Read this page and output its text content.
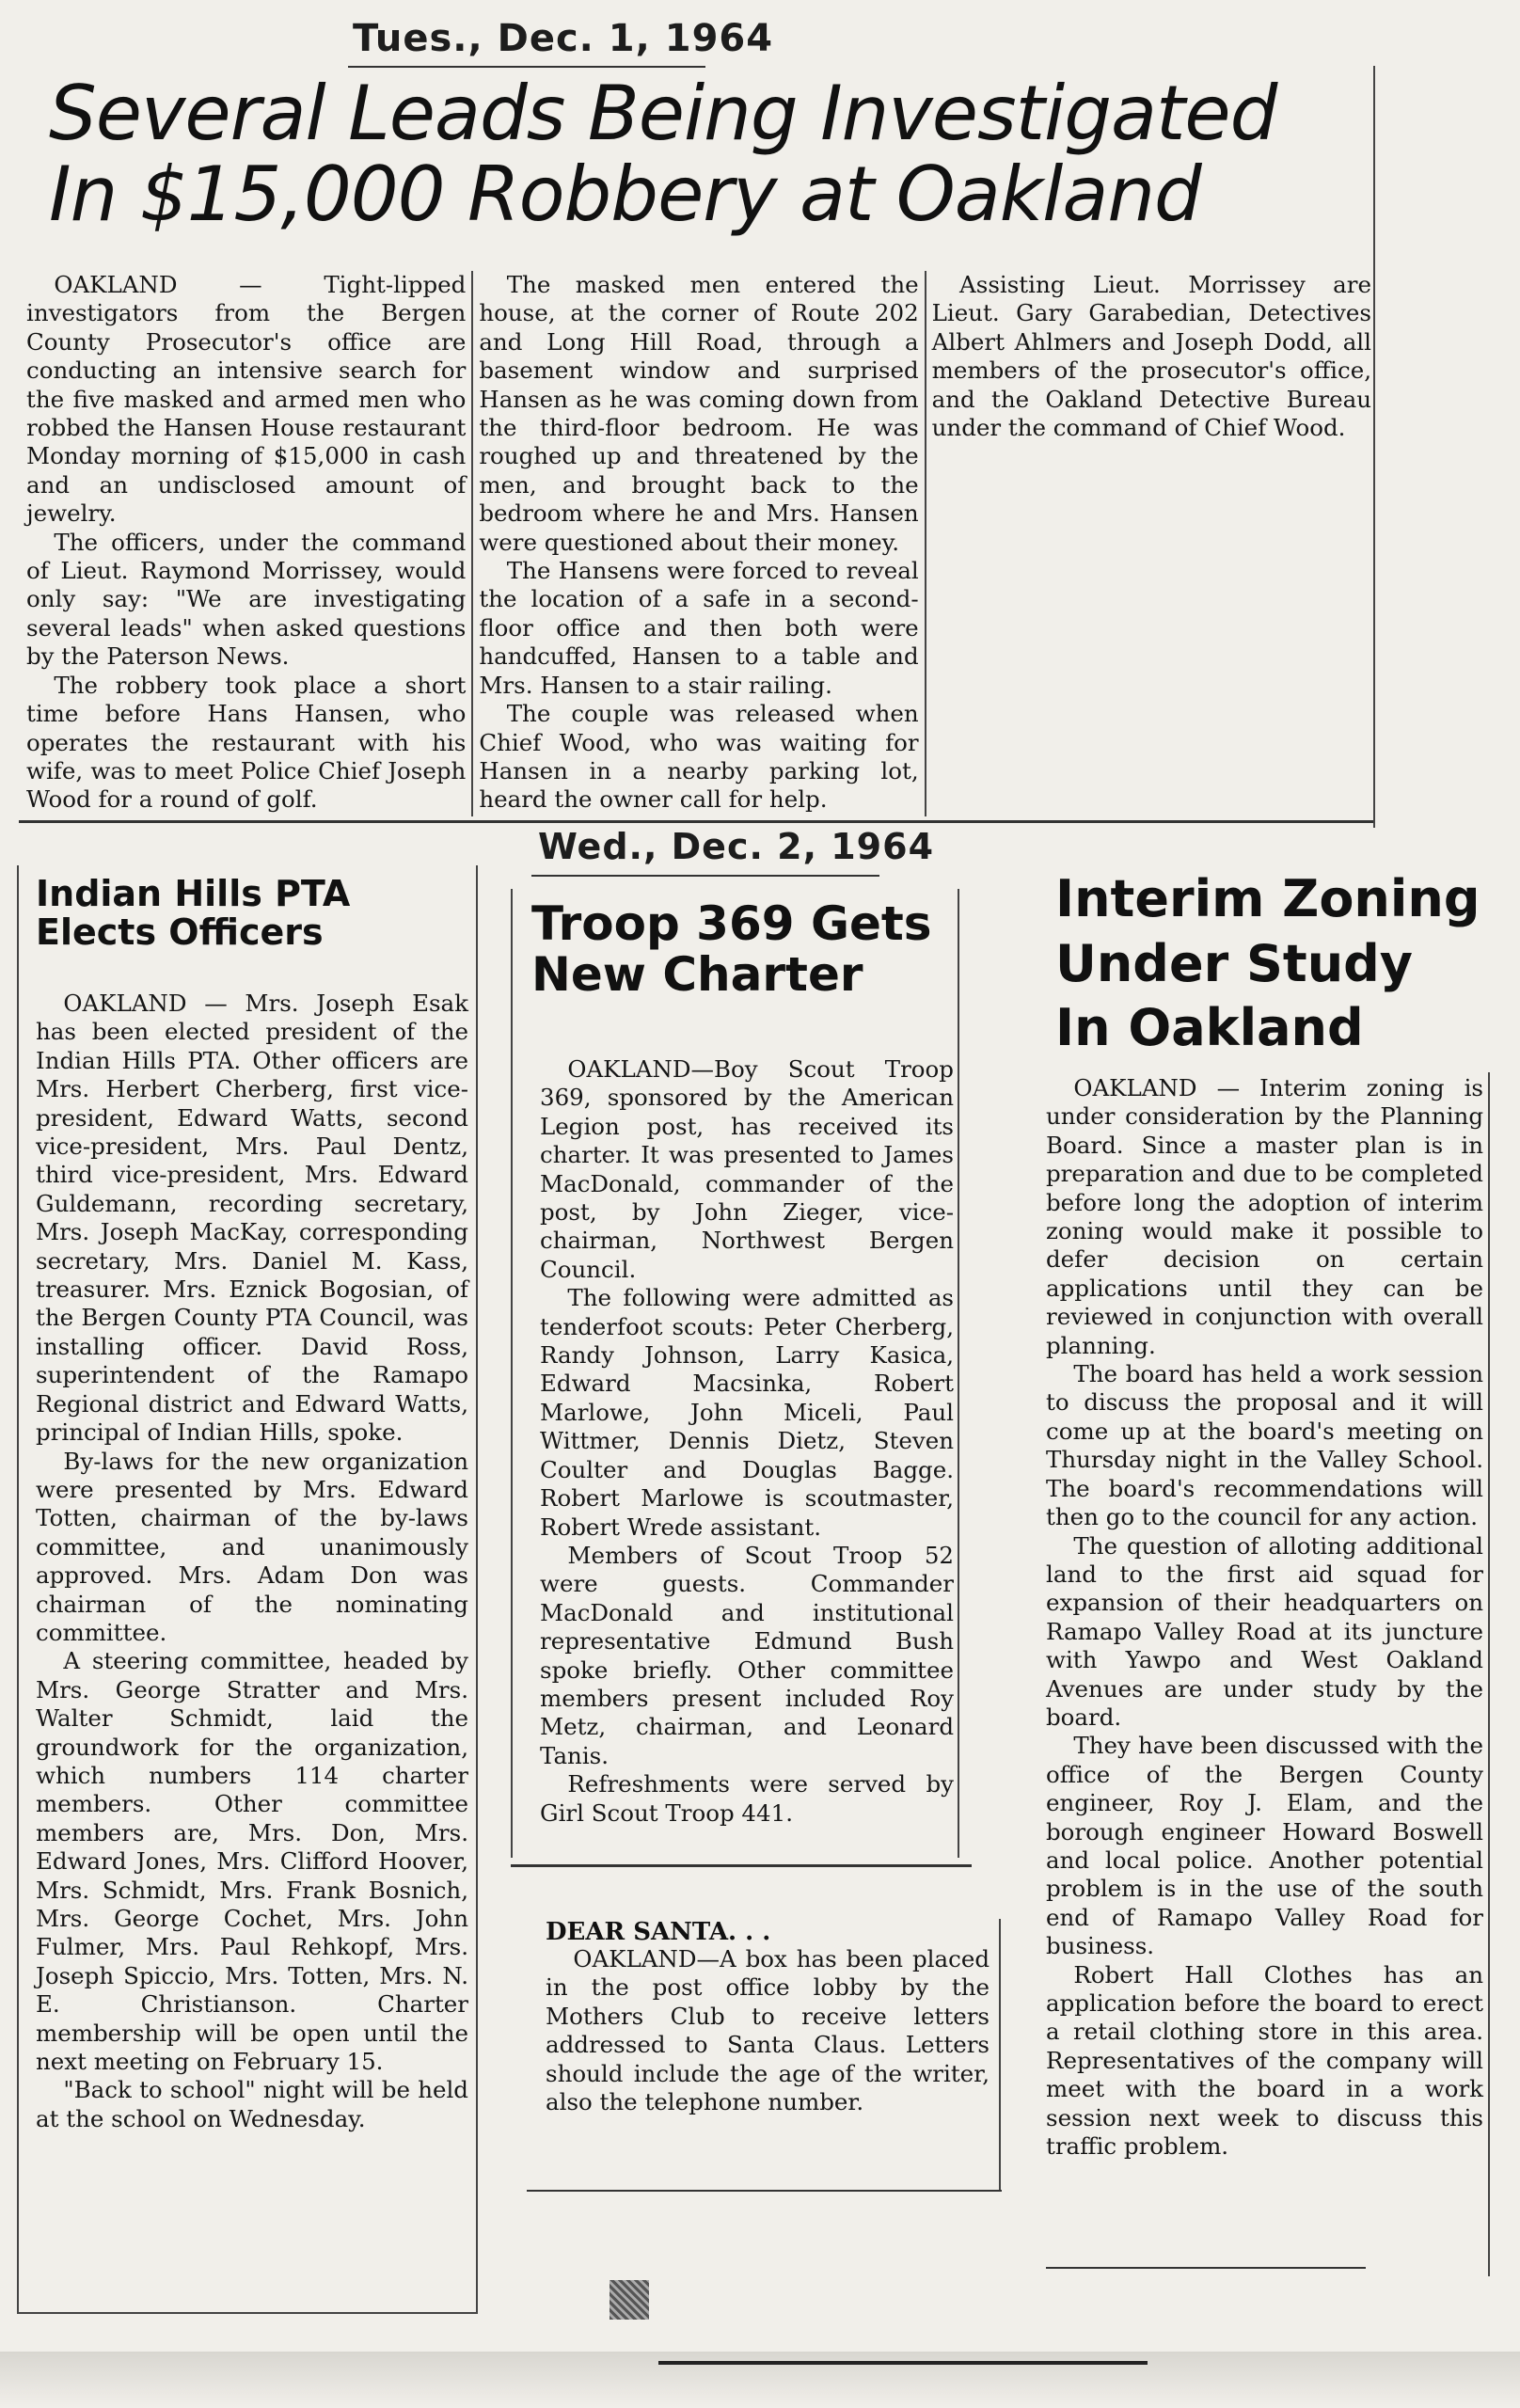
Tues., Dec. 1, 1964
Several Leads Being Investigated
In $15,000 Robbery at Oakland

OAKLAND — Tight-lipped investigators from the Bergen County Prosecutor's office are conducting an intensive search for the five masked and armed men who robbed the Hansen House restaurant Monday morning of $15,000 in cash and an undisclosed amount of jewelry.

The officers, under the command of Lieut. Raymond Morrissey, would only say: "We are investigating several leads" when asked questions by the Paterson News.

The robbery took place a short time before Hans Hansen, who operates the restaurant with his wife, was to meet Police Chief Joseph Wood for a round of golf.

The masked men entered the house, at the corner of Route 202 and Long Hill Road, through a basement window and surprised Hansen as he was coming down from the third-floor bedroom. He was roughed up and threatened by the men, and brought back to the bedroom where he and Mrs. Hansen were questioned about their money.

The Hansens were forced to reveal the location of a safe in a second-floor office and then both were handcuffed, Hansen to a table and Mrs. Hansen to a stair railing.

The couple was released when Chief Wood, who was waiting for Hansen in a nearby parking lot, heard the owner call for help.

Assisting Lieut. Morrissey are Lieut. Gary Garabedian, Detectives Albert Ahlmers and Joseph Dodd, all members of the prosecutor's office, and the Oakland Detective Bureau under the command of Chief Wood.

Wed., Dec. 2, 1964
Indian Hills PTA
Elects Officers

OAKLAND — Mrs. Joseph Esak has been elected president of the Indian Hills PTA. Other officers are Mrs. Herbert Cherberg, first vice-president, Edward Watts, second vice-president, Mrs. Paul Dentz, third vice-president, Mrs. Edward Guldemann, recording secretary, Mrs. Joseph MacKay, corresponding secretary, Mrs. Daniel M. Kass, treasurer. Mrs. Eznick Bogosian, of the Bergen County PTA Council, was installing officer. David Ross, superintendent of the Ramapo Regional district and Edward Watts, principal of Indian Hills, spoke.

By-laws for the new organization were presented by Mrs. Edward Totten, chairman of the by-laws committee, and unanimously approved. Mrs. Adam Don was chairman of the nominating committee.

A steering committee, headed by Mrs. George Stratter and Mrs. Walter Schmidt, laid the groundwork for the organization, which numbers 114 charter members. Other committee members are, Mrs. Don, Mrs. Edward Jones, Mrs. Clifford Hoover, Mrs. Schmidt, Mrs. Frank Bosnich, Mrs. George Cochet, Mrs. John Fulmer, Mrs. Paul Rehkopf, Mrs. Joseph Spiccio, Mrs. Totten, Mrs. N. E. Christianson. Charter membership will be open until the next meeting on February 15.

"Back to school" night will be held at the school on Wednesday.

Troop 369 Gets
New Charter

OAKLAND—Boy Scout Troop 369, sponsored by the American Legion post, has received its charter. It was presented to James MacDonald, commander of the post, by John Zieger, vice-chairman, Northwest Bergen Council.

The following were admitted as tenderfoot scouts: Peter Cherberg, Randy Johnson, Larry Kasica, Edward Macsinka, Robert Marlowe, John Miceli, Paul Wittmer, Dennis Dietz, Steven Coulter and Douglas Bagge. Robert Marlowe is scoutmaster, Robert Wrede assistant.

Members of Scout Troop 52 were guests. Commander MacDonald and institutional representative Edmund Bush spoke briefly. Other committee members present included Roy Metz, chairman, and Leonard Tanis.

Refreshments were served by Girl Scout Troop 441.

DEAR SANTA. . .

OAKLAND—A box has been placed in the post office lobby by the Mothers Club to receive letters addressed to Santa Claus. Letters should include the age of the writer, also the telephone number.

Interim Zoning
Under Study
In Oakland

OAKLAND — Interim zoning is under consideration by the Planning Board. Since a master plan is in preparation and due to be completed before long the adoption of interim zoning would make it possible to defer decision on certain applications until they can be reviewed in conjunction with overall planning.

The board has held a work session to discuss the proposal and it will come up at the board's meeting on Thursday night in the Valley School. The board's recommendations will then go to the council for any action.

The question of alloting additional land to the first aid squad for expansion of their headquarters on Ramapo Valley Road at its juncture with Yawpo and West Oakland Avenues are under study by the board.

They have been discussed with the office of the Bergen County engineer, Roy J. Elam, and the borough engineer Howard Boswell and local police. Another potential problem is in the use of the south end of Ramapo Valley Road for business.

Robert Hall Clothes has an application before the board to erect a retail clothing store in this area. Representatives of the company will meet with the board in a work session next week to discuss this traffic problem.
